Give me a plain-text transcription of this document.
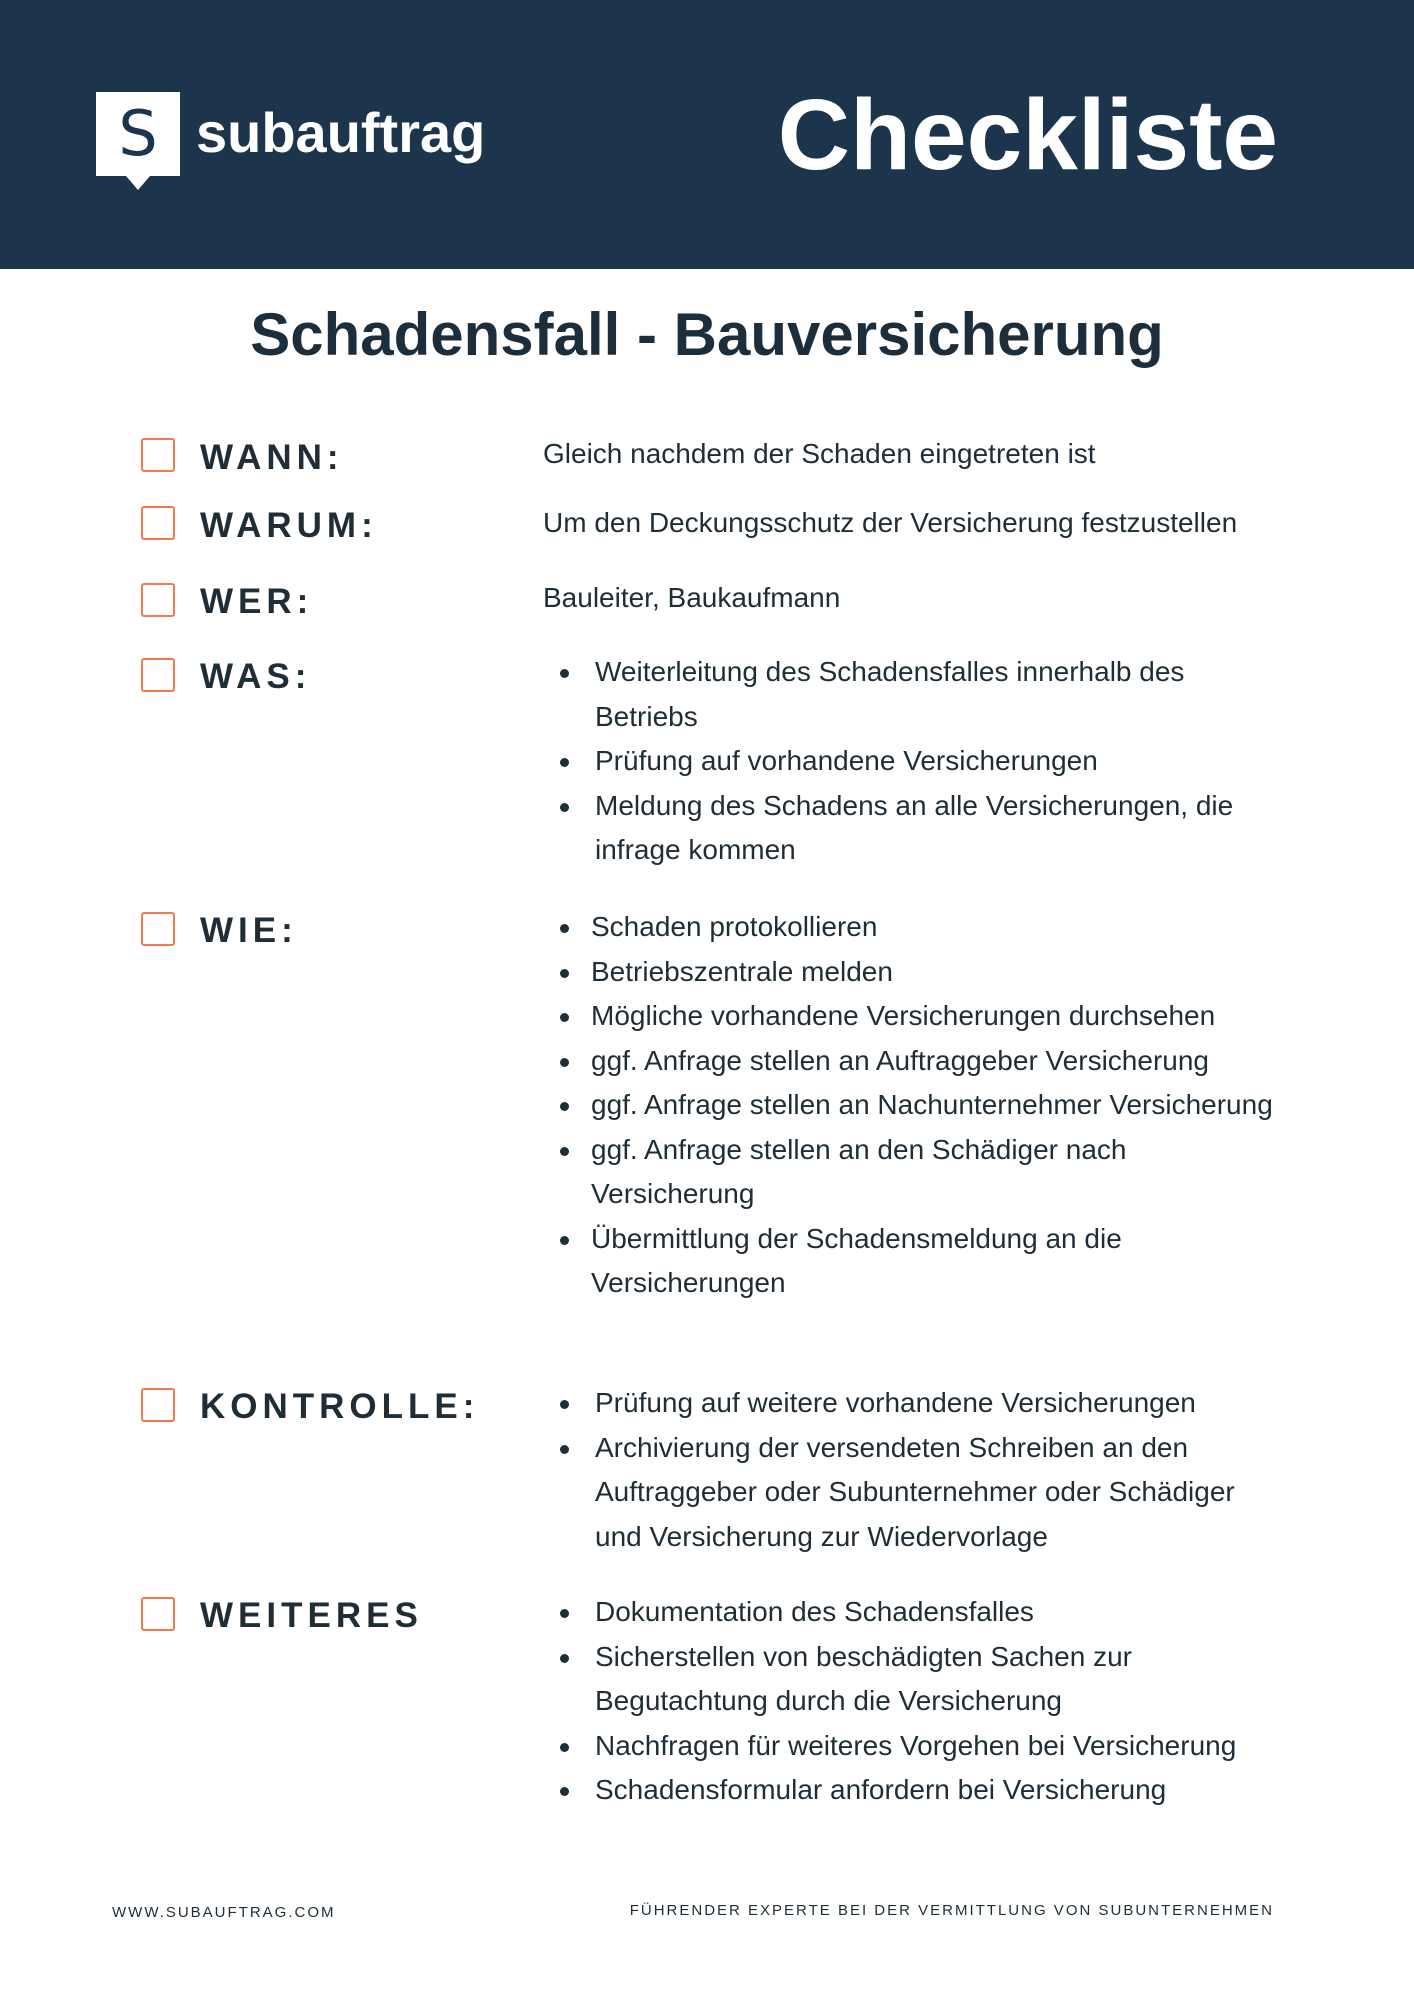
S subauftrag	Checkliste
Schadensfall - Bauversicherung
WANN:	Gleich nachdem der Schaden eingetreten ist
WARUM:	Um den Deckungsschutz der Versicherung festzustellen
WER:	Bauleiter, Baukaufmann
WAS:	Weiterleitung des Schadensfalles innerhalb des Betriebs
Prüfung auf vorhandene Versicherungen
Meldung des Schadens an alle Versicherungen, die infrage kommen
WIE:	Schaden protokollieren
Betriebszentrale melden
Mögliche vorhandene Versicherungen durchsehen
ggf. Anfrage stellen an Auftraggeber Versicherung
ggf. Anfrage stellen an Nachunternehmer Versicherung
ggf. Anfrage stellen an den Schädiger nach Versicherung
Übermittlung der Schadensmeldung an die Versicherungen
KONTROLLE:	Prüfung auf weitere vorhandene Versicherungen
Archivierung der versendeten Schreiben an den Auftraggeber oder Subunternehmer oder Schädiger und Versicherung zur Wiedervorlage
WEITERES	Dokumentation des Schadensfalles
Sicherstellen von beschädigten Sachen zur Begutachtung durch die Versicherung
Nachfragen für weiteres Vorgehen bei Versicherung
Schadensformular anfordern bei Versicherung
WWW.SUBAUFTRAG.COM	FÜHRENDER EXPERTE BEI DER VERMITTLUNG VON SUBUNTERNEHMEN
